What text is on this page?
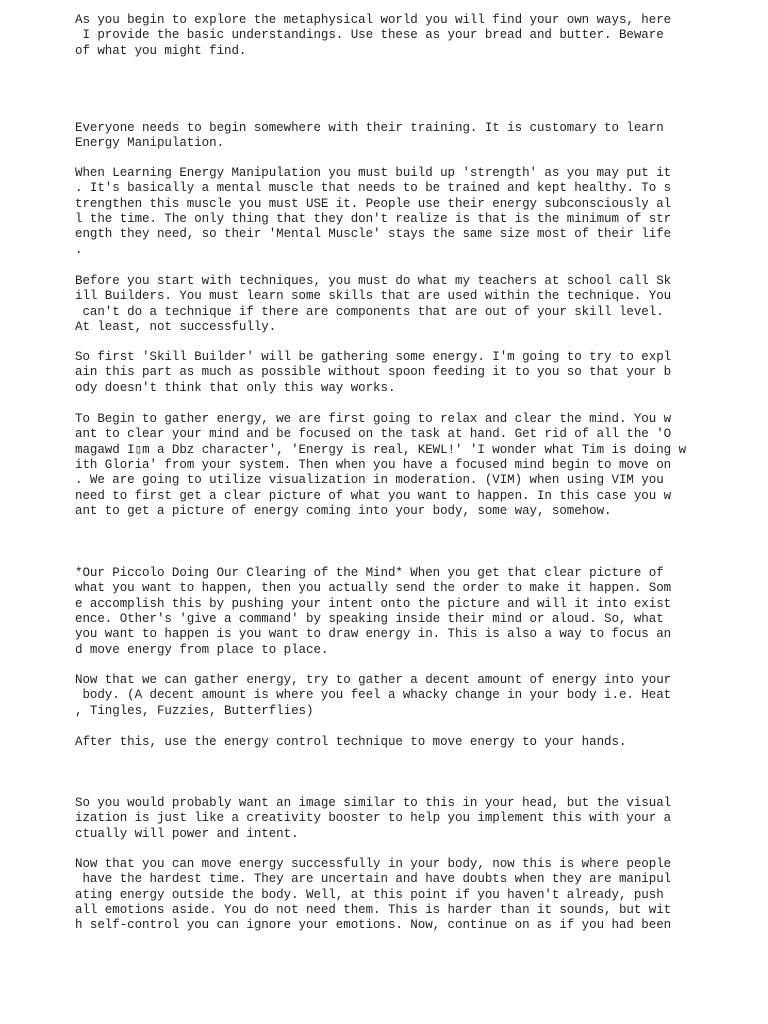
As you begin to explore the metaphysical world you will find your own ways, here
I provide the basic understandings. Use these as your bread and butter. Beware
of what you might find.

Everyone needs to begin somewhere with their training. It is customary to learn
Energy Manipulation.

When Learning Energy Manipulation you must build up 'strength' as you may put it
. It's basically a mental muscle that needs to be trained and kept healthy. To s
trengthen this muscle you must USE it. People use their energy subconsciously al
l the time. The only thing that they don't realize is that is the minimum of str
ength they need, so their 'Mental Muscle' stays the same size most of their life
.

Before you start with techniques, you must do what my teachers at school call Sk
ill Builders. You must learn some skills that are used within the technique. You
can't do a technique if there are components that are out of your skill level.
At least, not successfully.

So first 'Skill Builder' will be gathering some energy. I'm going to try to expl
ain this part as much as possible without spoon feeding it to you so that your b
ody doesn't think that only this way works.

To Begin to gather energy, we are first going to relax and clear the mind. You w
ant to clear your mind and be focused on the task at hand. Get rid of all the 'O
magawd I▯m a Dbz character', 'Energy is real, KEWL!' 'I wonder what Tim is doing w
ith Gloria' from your system. Then when you have a focused mind begin to move on
. We are going to utilize visualization in moderation. (VIM) when using VIM you
need to first get a clear picture of what you want to happen. In this case you w
ant to get a picture of energy coming into your body, some way, somehow.

*Our Piccolo Doing Our Clearing of the Mind* When you get that clear picture of
what you want to happen, then you actually send the order to make it happen. Som
e accomplish this by pushing your intent onto the picture and will it into exist
ence. Other's 'give a command' by speaking inside their mind or aloud. So, what
you want to happen is you want to draw energy in. This is also a way to focus an
d move energy from place to place.

Now that we can gather energy, try to gather a decent amount of energy into your
body. (A decent amount is where you feel a whacky change in your body i.e. Heat
, Tingles, Fuzzies, Butterflies)

After this, use the energy control technique to move energy to your hands.

So you would probably want an image similar to this in your head, but the visual
ization is just like a creativity booster to help you implement this with your a
ctually will power and intent.

Now that you can move energy successfully in your body, now this is where people
have the hardest time. They are uncertain and have doubts when they are manipul
ating energy outside the body. Well, at this point if you haven't already, push
all emotions aside. You do not need them. This is harder than it sounds, but wit
h self-control you can ignore your emotions. Now, continue on as if you had been
